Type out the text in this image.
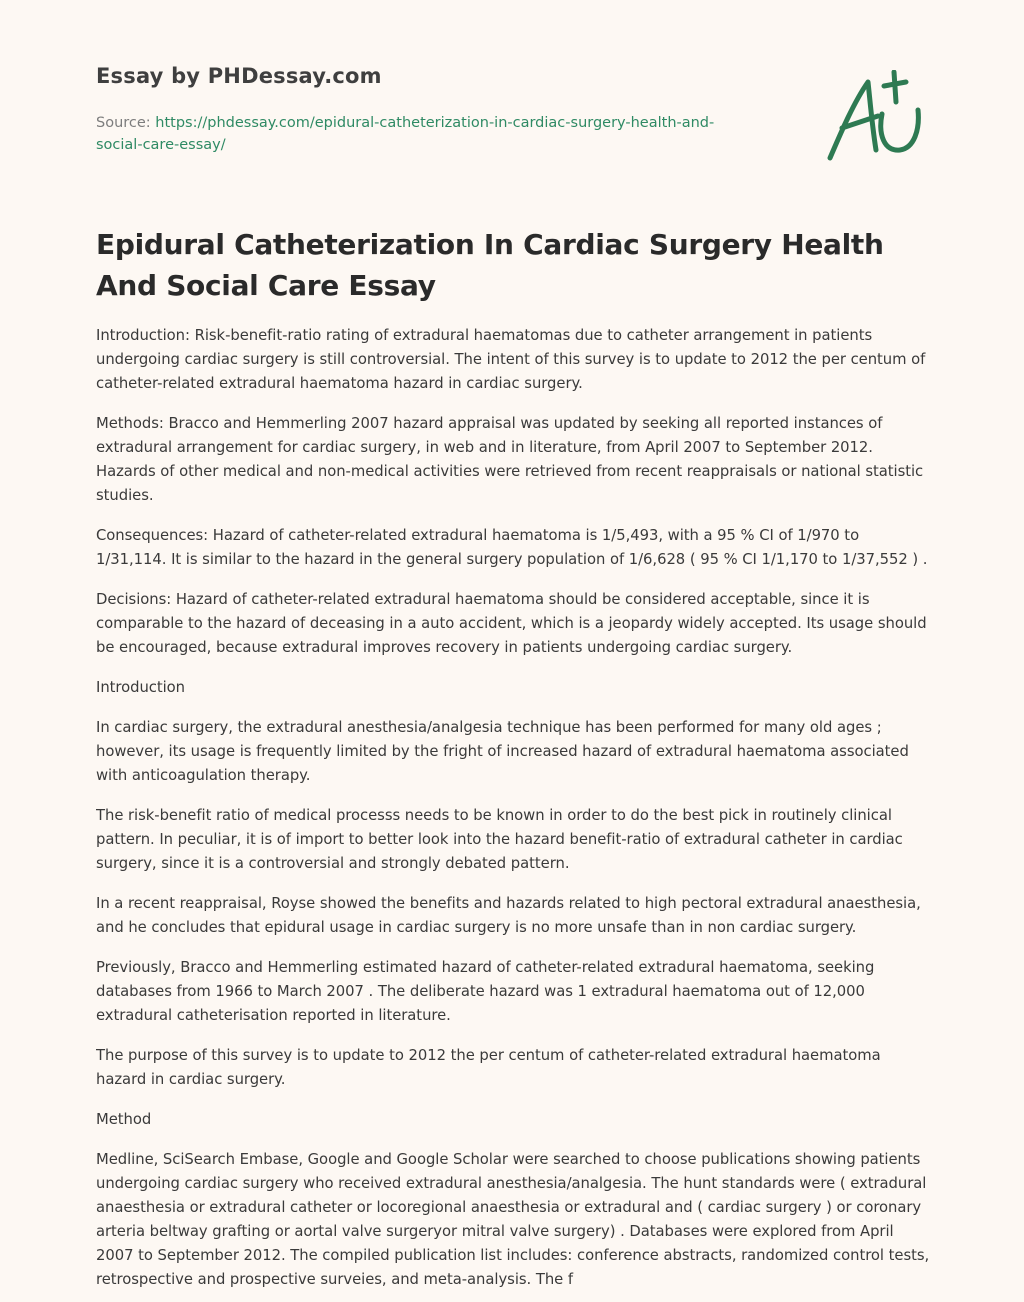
Essay by PHDessay.com
Source: https://phdessay.com/epidural-catheterization-in-cardiac-surgery-health-and-social-care-essay/
Epidural Catheterization In Cardiac Surgery Health And Social Care Essay

Introduction: Risk-benefit-ratio rating of extradural haematomas due to catheter arrangement in patients undergoing cardiac surgery is still controversial. The intent of this survey is to update to 2012 the per centum of catheter-related extradural haematoma hazard in cardiac surgery.

Methods: Bracco and Hemmerling 2007 hazard appraisal was updated by seeking all reported instances of extradural arrangement for cardiac surgery, in web and in literature, from April 2007 to September 2012. Hazards of other medical and non-medical activities were retrieved from recent reappraisals or national statistic studies.

Consequences: Hazard of catheter-related extradural haematoma is 1/5,493, with a 95 % CI of 1/970 to 1/31,114. It is similar to the hazard in the general surgery population of 1/6,628 ( 95 % CI 1/1,170 to 1/37,552 ) .

Decisions: Hazard of catheter-related extradural haematoma should be considered acceptable, since it is comparable to the hazard of deceasing in a auto accident, which is a jeopardy widely accepted. Its usage should be encouraged, because extradural improves recovery in patients undergoing cardiac surgery.

Introduction

In cardiac surgery, the extradural anesthesia/analgesia technique has been performed for many old ages ; however, its usage is frequently limited by the fright of increased hazard of extradural haematoma associated with anticoagulation therapy.

The risk-benefit ratio of medical processs needs to be known in order to do the best pick in routinely clinical pattern. In peculiar, it is of import to better look into the hazard benefit-ratio of extradural catheter in cardiac surgery, since it is a controversial and strongly debated pattern.

In a recent reappraisal, Royse showed the benefits and hazards related to high pectoral extradural anaesthesia, and he concludes that epidural usage in cardiac surgery is no more unsafe than in non cardiac surgery.

Previously, Bracco and Hemmerling estimated hazard of catheter-related extradural haematoma, seeking databases from 1966 to March 2007 . The deliberate hazard was 1 extradural haematoma out of 12,000 extradural catheterisation reported in literature.

The purpose of this survey is to update to 2012 the per centum of catheter-related extradural haematoma hazard in cardiac surgery.

Method

Medline, SciSearch Embase, Google and Google Scholar were searched to choose publications showing patients undergoing cardiac surgery who received extradural anesthesia/analgesia. The hunt standards were ( extradural anaesthesia or extradural catheter or locoregional anaesthesia or extradural and ( cardiac surgery ) or coronary arteria beltway grafting or aortal valve surgeryor mitral valve surgery) . Databases were explored from April 2007 to September 2012. The compiled publication list includes: conference abstracts, randomized control tests, retrospective and prospective surveies, and meta-analysis. The f
